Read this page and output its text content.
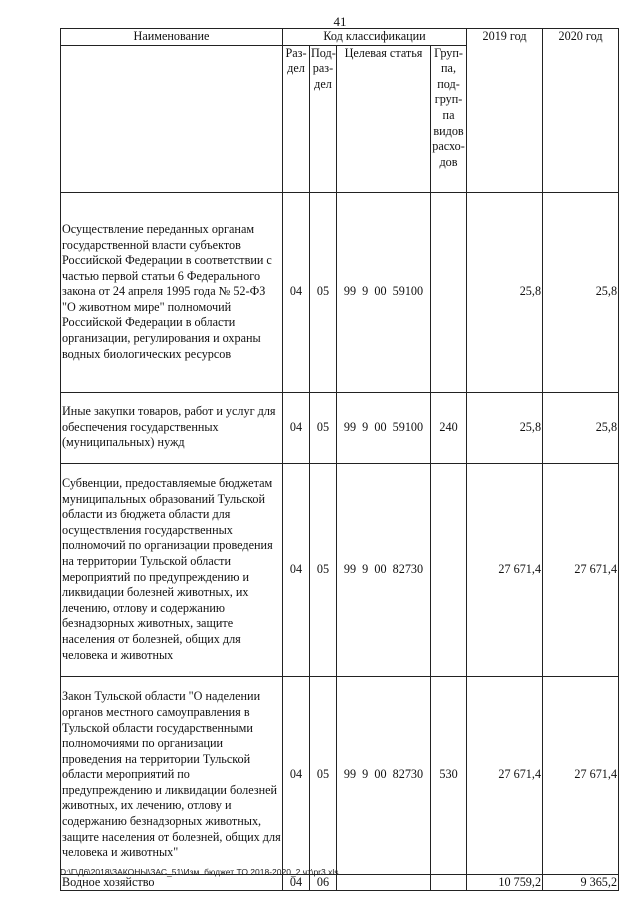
41
Наименование	Код классификации				2019 год	2020 год
	Раз-дел	Под-раз-дел	Целевая статья	Груп-па, под-груп-па видов расхо-дов		
Осуществление переданных органам государственной власти субъектов Российской Федерации в соответствии с частью первой статьи 6 Федерального закона от 24 апреля 1995 года № 52-ФЗ "О животном мире" полномочий Российской Федерации в области организации, регулирования и охраны водных биологических ресурсов	04	05	99  9  00  59100		25,8	25,8
Иные закупки товаров, работ и услуг для обеспечения государственных (муниципальных) нужд	04	05	99  9  00  59100	240	25,8	25,8
Субвенции, предоставляемые бюджетам муниципальных образований Тульской области из бюджета области для осуществления государственных полномочий по организации проведения на территории Тульской области мероприятий по предупреждению и ликвидации болезней животных, их лечению, отлову и содержанию безнадзорных животных, защите населения от болезней, общих для человека и животных	04	05	99  9  00  82730		27 671,4	27 671,4
Закон Тульской области "О наделении органов местного самоуправления в Тульской области государственными полномочиями по организации проведения на территории Тульской области мероприятий по предупреждению и ликвидации болезней животных, их лечению, отлову и содержанию безнадзорных животных, защите населения от болезней, общих для человека и животных"	04	05	99  9  00  82730	530	27 671,4	27 671,4
Водное хозяйство	04	06			10 759,2	9 365,2
D:\Г\Д6\2018\ЗАКОНЫ\ЗАС_51\Изм. бюджет ТО 2018-2020_2 чт\pr3.xls
